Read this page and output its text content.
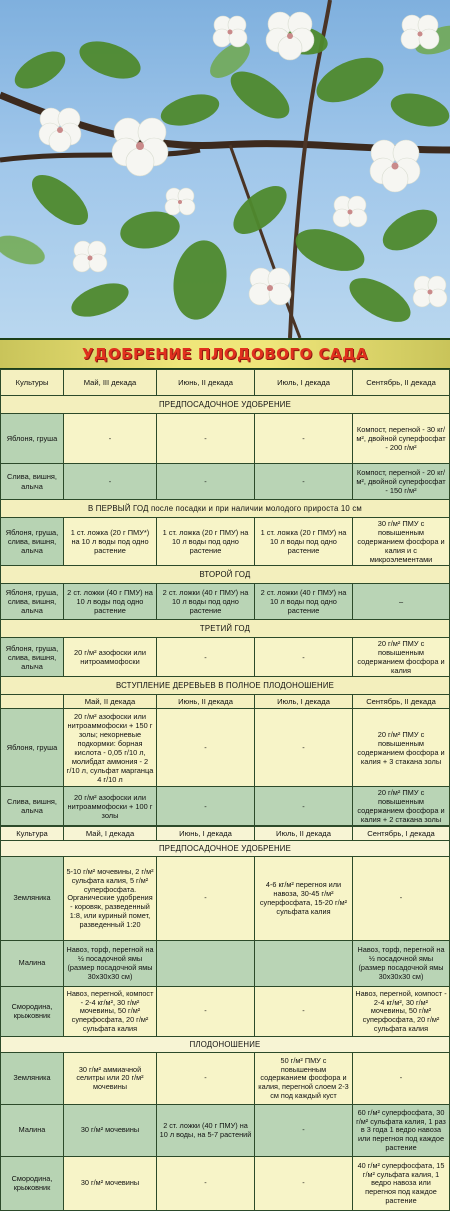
УДОБРЕНИЕ ПЛОДОВОГО САДА
Культуры	Май, III декада	Июнь, II декада	Июль, I декада	Сентябрь, II декада
ПРЕДПОСАДОЧНОЕ УДОБРЕНИЕ				
Яблоня, груша	-	-	-	Компост, перегной - 30 кг/м², двойной суперфосфат - 200 г/м²
Слива, вишня, алыча	-	-	-	Компост, перегной - 20 кг/м², двойной суперфосфат - 150 г/м²
В ПЕРВЫЙ ГОД после посадки и при наличии молодого прироста 10 см				
Яблоня, груша, слива, вишня, алыча	1 ст. ложка (20 г ПМУ*) на 10 л воды под одно растение	1 ст. ложка (20 г ПМУ) на 10 л воды под одно растение	1 ст. ложка (20 г ПМУ) на 10 л воды под одно растение	30 г/м² ПМУ с повышенным содержанием фосфора и калия и с микроэлементами
ВТОРОЙ ГОД				
Яблоня, груша, слива, вишня, алыча	2 ст. ложки (40 г ПМУ) на 10 л воды под одно растение	2 ст. ложки (40 г ПМУ) на 10 л воды под одно растение	2 ст. ложки (40 г ПМУ) на 10 л воды под одно растение	–
ТРЕТИЙ ГОД				
Яблоня, груша, слива, вишня, алыча	20 г/м² азофоски или нитроаммофоски	-	-	20 г/м² ПМУ с повышенным содержанием фосфора и калия
ВСТУПЛЕНИЕ ДЕРЕВЬЕВ В ПОЛНОЕ ПЛОДОНОШЕНИЕ				
	Май, II декада	Июнь, II декада	Июль, I декада	Сентябрь, II декада
Яблоня, груша	20 г/м² азофоски или нитроаммофоски + 150 г золы; некорневые подкормки: борная кислота - 0,05 г/10 л, молибдат аммония - 2 г/10 л, сульфат марганца 4 г/10 л	-	-	20 г/м² ПМУ с повышенным содержанием фосфора и калия + 3 стакана золы
Слива, вишня, алыча	20 г/м² азофоски или нитроаммофоски + 100 г золы	-	-	20 г/м² ПМУ с повышенным содержанием фосфора и калия + 2 стакана золы
Культура	Май, I декада	Июнь, I декада	Июль, II декада	Сентябрь, I декада
ПРЕДПОСАДОЧНОЕ УДОБРЕНИЕ				
Земляника	5-10 г/м² мочевины, 2 г/м² сульфата калия, 5 г/м² суперфосфата. Органические удобрения - коровяк, разведенный 1:8, или куриный помет, разведенный 1:20	-	4-6 кг/м² перегноя или навоза, 30-45 г/м² суперфосфата, 15-20 г/м² сульфата калия	-
Малина	Навоз, торф, перегной на ½ посадочной ямы (размер посадочной ямы 30x30x30 см)			Навоз, торф, перегной на ½ посадочной ямы (размер посадочной ямы 30x30x30 см)
Смородина, крыжовник	Навоз, перегной, компост - 2-4 кг/м², 30 г/м² мочевины, 50 г/м² суперфосфата, 20 г/м² сульфата калия	-	-	Навоз, перегной, компост - 2-4 кг/м², 30 г/м² мочевины, 50 г/м² суперфосфата, 20 г/м² сульфата калия
ПЛОДОНОШЕНИЕ				
Земляника	30 г/м² аммиачной селитры или 20 г/м² мочевины	-	50 г/м² ПМУ с повышенным содержанием фосфора и калия, перегной слоем 2-3 см под каждый куст	-
Малина	30 г/м² мочевины	2 ст. ложки (40 г ПМУ) на 10 л воды, на 5-7 растений	-	60 г/м² суперфосфата, 30 г/м² сульфата калия, 1 раз в 3 года 1 ведро навоза или перегноя под каждое растение
Смородина, крыжовник	30 г/м² мочевины	-	-	40 г/м² суперфосфата, 15 г/м² сульфата калия, 1 ведро навоза или перегноя под каждое растение
